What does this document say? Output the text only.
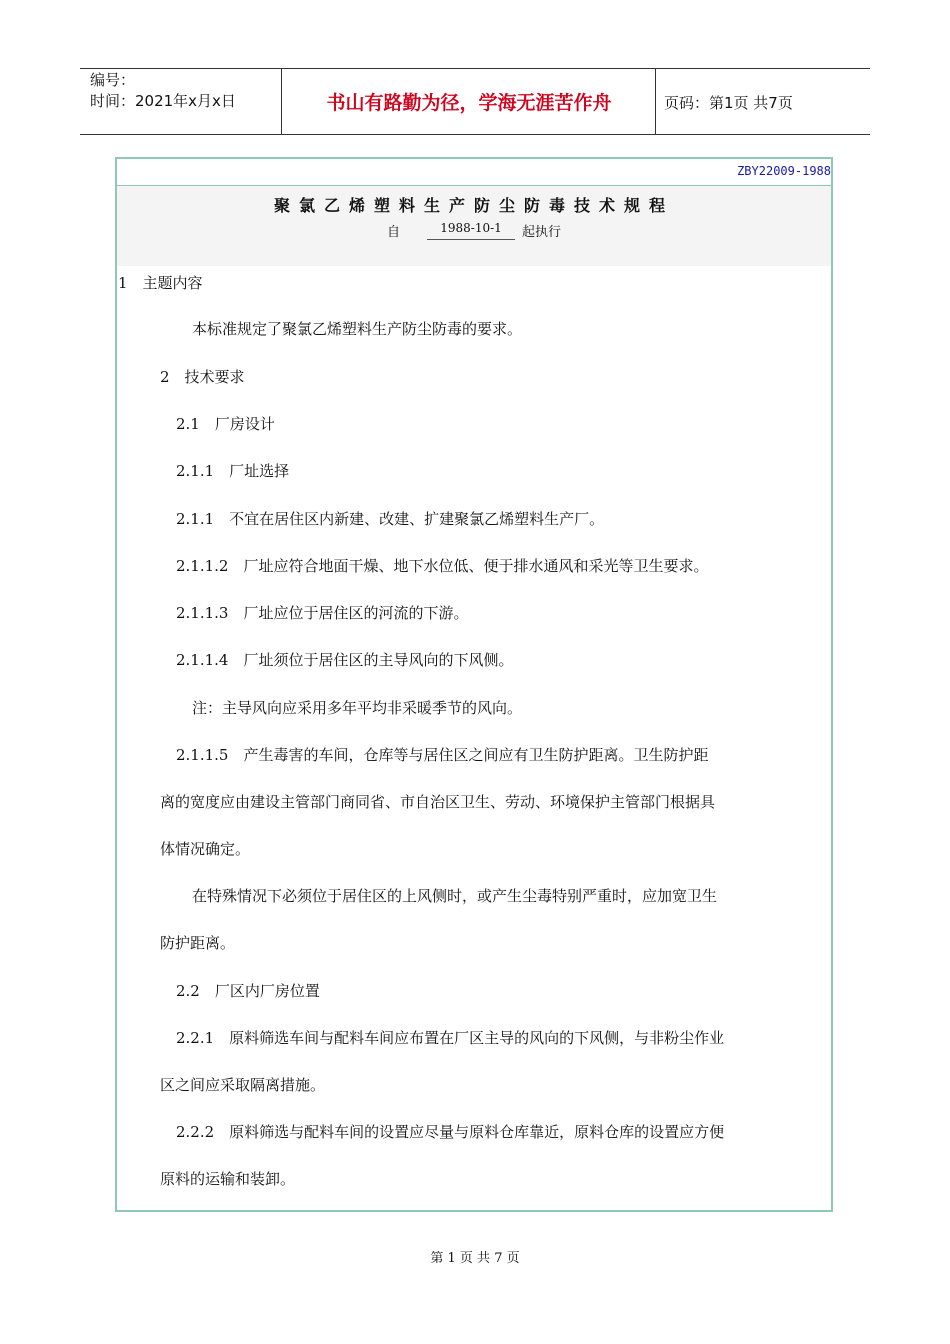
编号：
时间：2021年x月x日	书山有路勤为径，学海无涯苦作舟	页码：第1页 共7页
ZBY22009-1988
聚氯乙烯塑料生产防尘防毒技术规程
自	1988-10-1	起执行
1　主题内容
本标准规定了聚氯乙烯塑料生产防尘防毒的要求。
2　技术要求
2.1　厂房设计
2.1.1　厂址选择
2.1.1　不宜在居住区内新建、改建、扩建聚氯乙烯塑料生产厂。
2.1.1.2　厂址应符合地面干燥、地下水位低、便于排水通风和采光等卫生要求。
2.1.1.3　厂址应位于居住区的河流的下游。
2.1.1.4　厂址须位于居住区的主导风向的下风侧。
注：主导风向应采用多年平均非采暖季节的风向。
2.1.1.5　产生毒害的车间，仓库等与居住区之间应有卫生防护距离。卫生防护距
离的宽度应由建设主管部门商同省、市自治区卫生、劳动、环境保护主管部门根据具
体情况确定。
在特殊情况下必须位于居住区的上风侧时，或产生尘毒特别严重时，应加宽卫生
防护距离。
2.2　厂区内厂房位置
2.2.1　原料筛选车间与配料车间应布置在厂区主导的风向的下风侧，与非粉尘作业
区之间应采取隔离措施。
2.2.2　原料筛选与配料车间的设置应尽量与原料仓库靠近，原料仓库的设置应方便
原料的运输和装卸。
第 1 页 共 7 页
